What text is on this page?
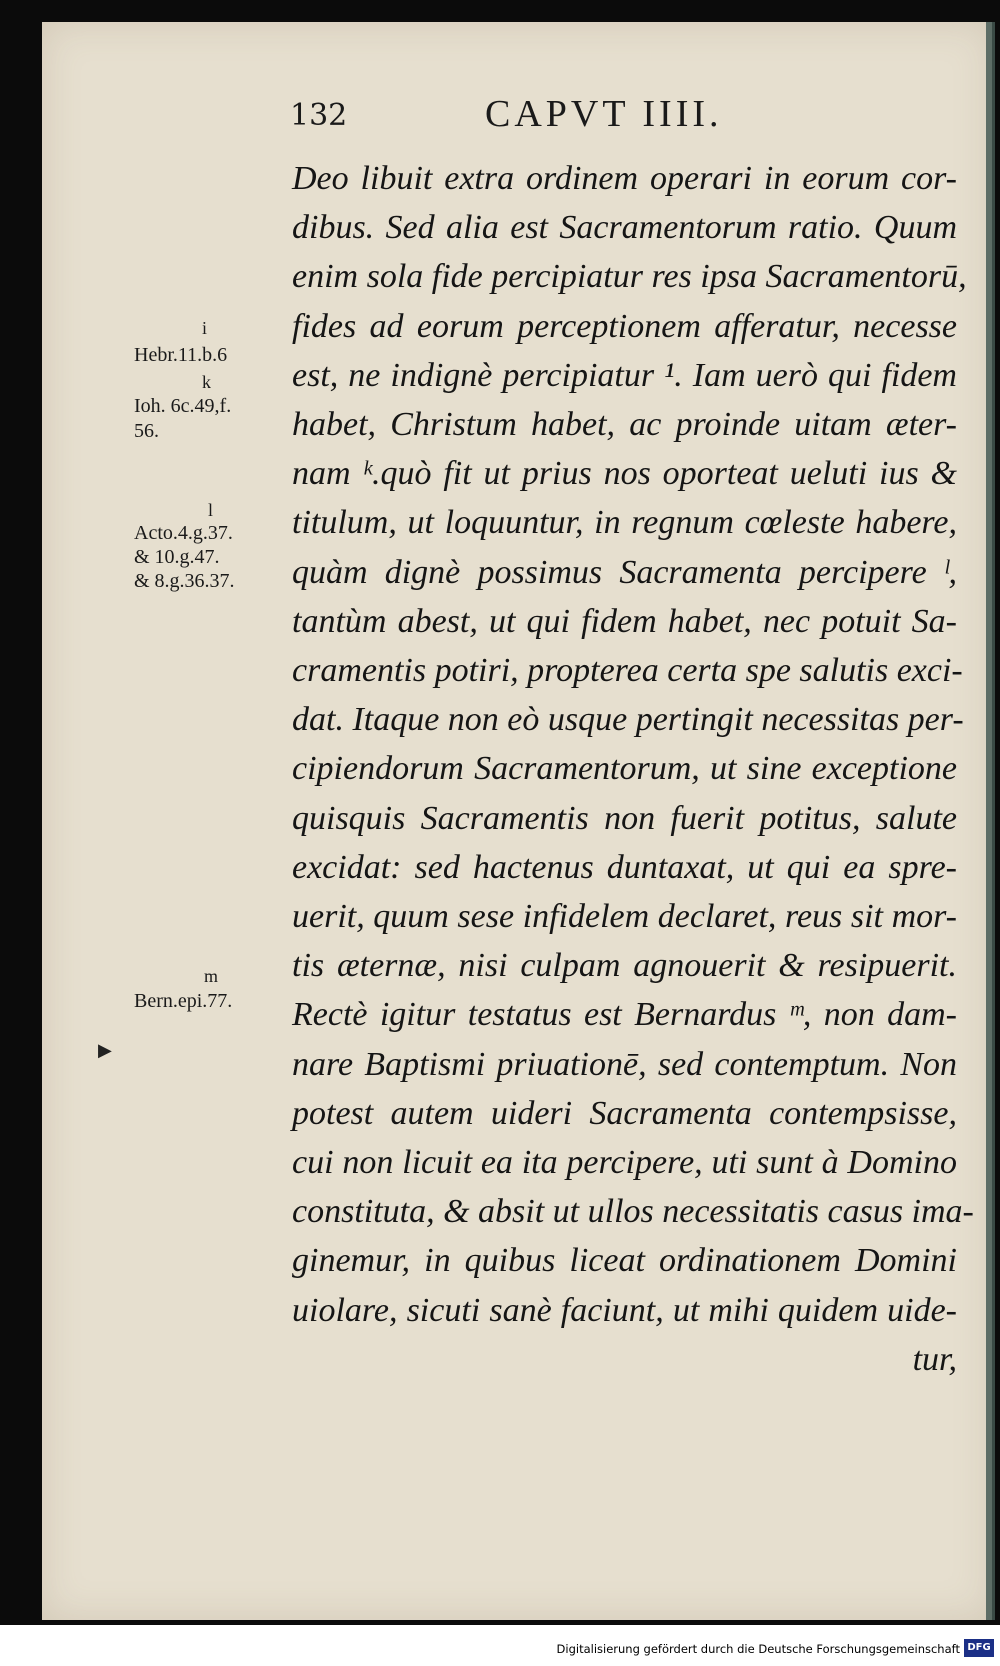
132	CAPVT IIII.
i
Hebr.11.b.6
k
Ioh. 6c.49,f.
56.
l
Acto.4.g.37.
& 10.g.47.
& 8.g.36.37.
m
Bern.epi.77.
▶
Deo libuit extra ordinem operari in eorum cor-
dibus. Sed alia est Sacramentorum ratio. Quum
enim sola fide percipiatur res ipsa Sacramentorū,
fides ad eorum perceptionem afferatur, necesse
est, ne indignè percipiatur ¹. Iam uerò qui fidem
habet, Christum habet, ac proinde uitam æter-
nam ᵏ.quò fit ut prius nos oporteat ueluti ius &
titulum, ut loquuntur, in regnum cœleste habere,
quàm dignè possimus Sacramenta percipere ˡ,
tantùm abest, ut qui fidem habet, nec potuit Sa-
cramentis potiri, propterea certa spe salutis exci-
dat. Itaque non eò usque pertingit necessitas per-
cipiendorum Sacramentorum, ut sine exceptione
quisquis Sacramentis non fuerit potitus, salute
excidat: sed hactenus duntaxat, ut qui ea spre-
uerit, quum sese infidelem declaret, reus sit mor-
tis æternæ, nisi culpam agnouerit & resipuerit.
Rectè igitur testatus est Bernardus ᵐ, non dam-
nare Baptismi priuationē, sed contemptum. Non
potest autem uideri Sacramenta contempsisse,
cui non licuit ea ita percipere, uti sunt à Domino
constituta, & absit ut ullos necessitatis casus ima-
ginemur, in quibus liceat ordinationem Domini
uiolare, sicuti sanè faciunt, ut mihi quidem uide-
tur,
Digitalisierung gefördert durch die Deutsche Forschungsgemeinschaft DFG
